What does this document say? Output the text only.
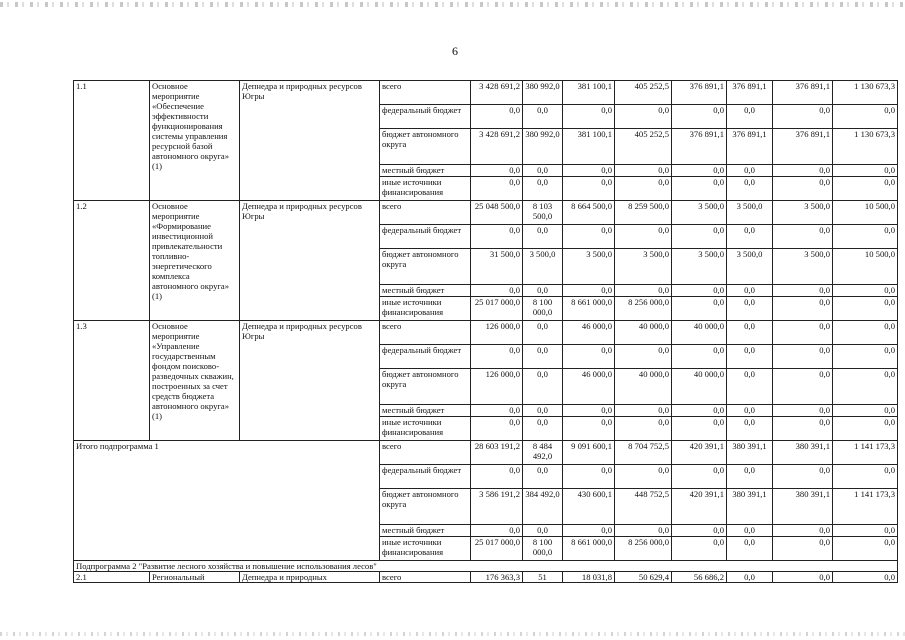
6
1.1	Основное мероприятие «Обеспечение эффективности функционирования системы управления ресурсной базой автономного округа» (1)	Депнедра и природных ресурсов Югры	всего	3 428 691,2	380 992,0	381 100,1	405 252,5	376 891,1	376 891,1	376 891,1	1 130 673,3
			федеральный бюджет	0,0	0,0	0,0	0,0	0,0	0,0	0,0	0,0
			бюджет автономного округа	3 428 691,2	380 992,0	381 100,1	405 252,5	376 891,1	376 891,1	376 891,1	1 130 673,3
			местный бюджет	0,0	0,0	0,0	0,0	0,0	0,0	0,0	0,0
			иные источники финансирования	0,0	0,0	0,0	0,0	0,0	0,0	0,0	0,0
1.2	Основное мероприятие «Формирование инвестиционной привлекательности топливно-энергетического комплекса автономного округа» (1)	Депнедра и природных ресурсов Югры	всего	25 048 500,0	8 103 500,0	8 664 500,0	8 259 500,0	3 500,0	3 500,0	3 500,0	10 500,0
			федеральный бюджет	0,0	0,0	0,0	0,0	0,0	0,0	0,0	0,0
			бюджет автономного округа	31 500,0	3 500,0	3 500,0	3 500,0	3 500,0	3 500,0	3 500,0	10 500,0
			местный бюджет	0,0	0,0	0,0	0,0	0,0	0,0	0,0	0,0
			иные источники финансирования	25 017 000,0	8 100 000,0	8 661 000,0	8 256 000,0	0,0	0,0	0,0	0,0
1.3	Основное мероприятие «Управление государственным фондом поисково-разведочных скважин, построенных за счет средств бюджета автономного округа» (1)	Депнедра и природных ресурсов Югры	всего	126 000,0	0,0	46 000,0	40 000,0	40 000,0	0,0	0,0	0,0
			федеральный бюджет	0,0	0,0	0,0	0,0	0,0	0,0	0,0	0,0
			бюджет автономного округа	126 000,0	0,0	46 000,0	40 000,0	40 000,0	0,0	0,0	0,0
			местный бюджет	0,0	0,0	0,0	0,0	0,0	0,0	0,0	0,0
			иные источники финансирования	0,0	0,0	0,0	0,0	0,0	0,0	0,0	0,0
Итого подпрограмма 1			всего	28 603 191,2	8 484 492,0	9 091 600,1	8 704 752,5	420 391,1	380 391,1	380 391,1	1 141 173,3
			федеральный бюджет	0,0	0,0	0,0	0,0	0,0	0,0	0,0	0,0
			бюджет автономного округа	3 586 191,2	384 492,0	430 600,1	448 752,5	420 391,1	380 391,1	380 391,1	1 141 173,3
			местный бюджет	0,0	0,0	0,0	0,0	0,0	0,0	0,0	0,0
			иные источники финансирования	25 017 000,0	8 100 000,0	8 661 000,0	8 256 000,0	0,0	0,0	0,0	0,0
Подпрограмма 2 "Развитие лесного хозяйства и повышение использования лесов"											
2.1	Региональный	Депнедра и природных	всего	176 363,3	51	18 031,8	50 629,4	56 686,2	0,0	0,0	0,0
